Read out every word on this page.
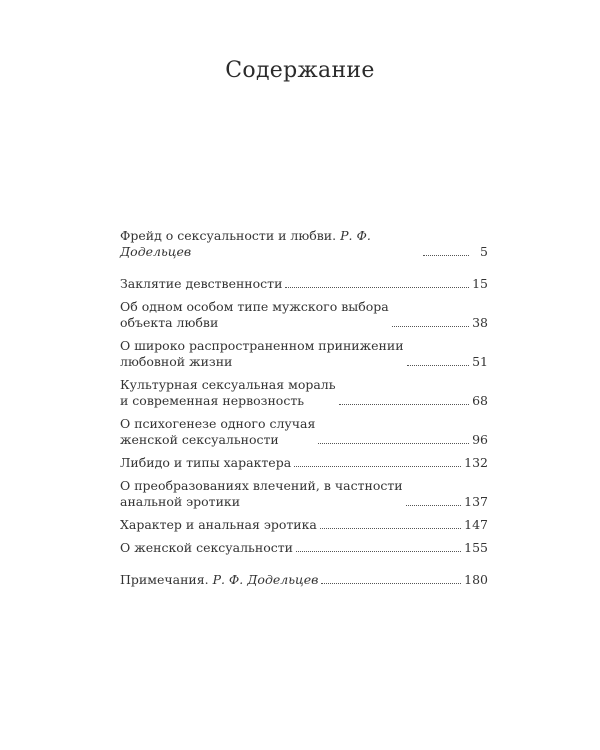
Содержание
Фрейд о сексуальности и любви. Р. Ф. Додельцев	5
Заклятие девственности	15
Об одном особом типе мужского выбора
объекта любви	38
О широко распространенном принижении
любовной жизни	51
Культурная сексуальная мораль
и современная нервозность	68
О психогенезе одного случая
женской сексуальности	96
Либидо и типы характера	132
О преобразованиях влечений, в частности
анальной эротики	137
Характер и анальная эротика	147
О женской сексуальности	155
Примечания. Р. Ф. Додельцев	180
